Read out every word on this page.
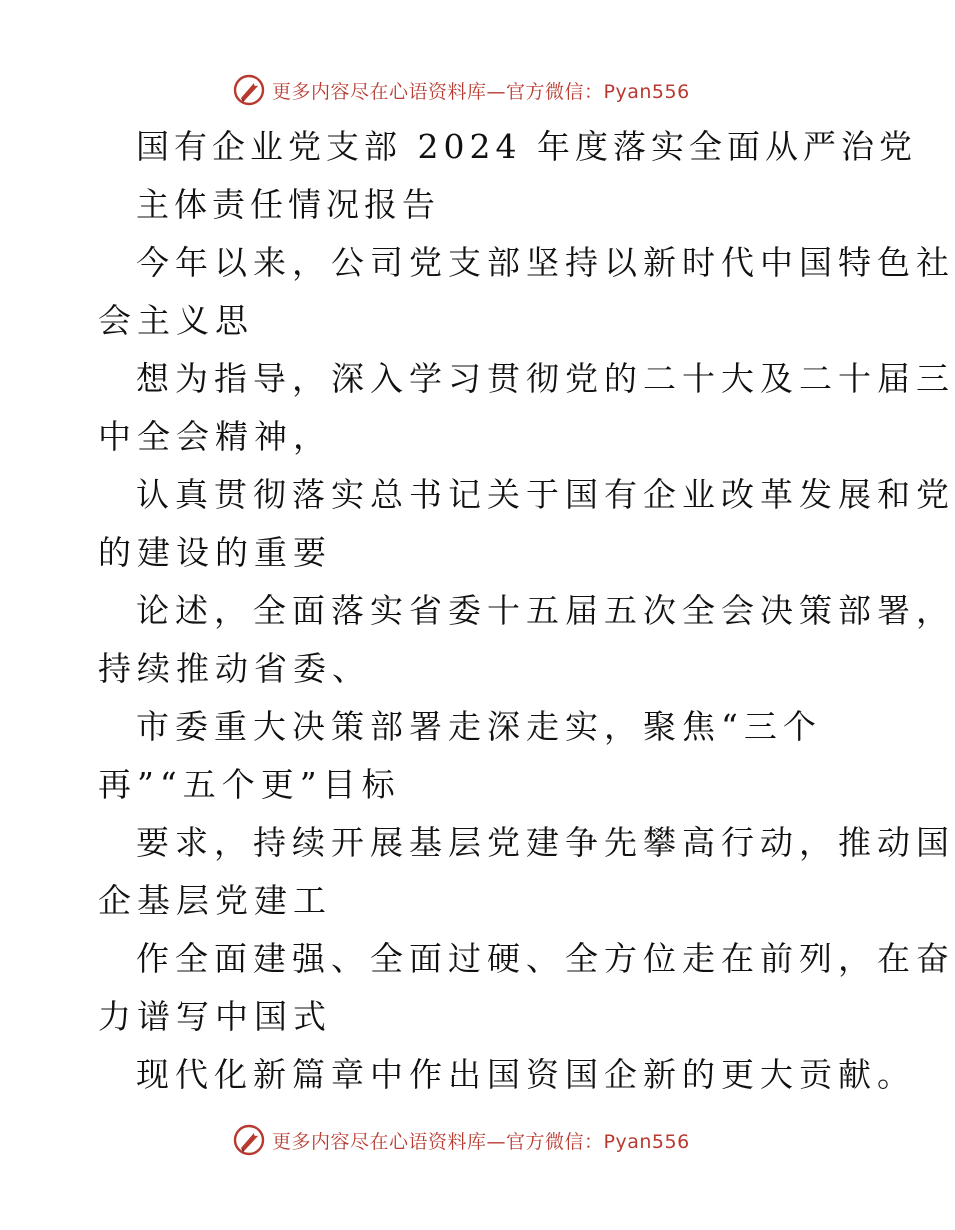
更多内容尽在心语资料库—官方微信：Pyan556
国有企业党支部 2024 年度落实全面从严治党
主体责任情况报告
今年以来，公司党支部坚持以新时代中国特色社
会主义思
想为指导，深入学习贯彻党的二十大及二十届三
中全会精神，
认真贯彻落实总书记关于国有企业改革发展和党
的建设的重要
论述，全面落实省委十五届五次全会决策部署，
持续推动省委、
市委重大决策部署走深走实，聚焦“三个
再”“五个更”目标
要求，持续开展基层党建争先攀高行动，推动国
企基层党建工
作全面建强、全面过硬、全方位走在前列，在奋
力谱写中国式
现代化新篇章中作出国资国企新的更大贡献。
更多内容尽在心语资料库—官方微信：Pyan556
